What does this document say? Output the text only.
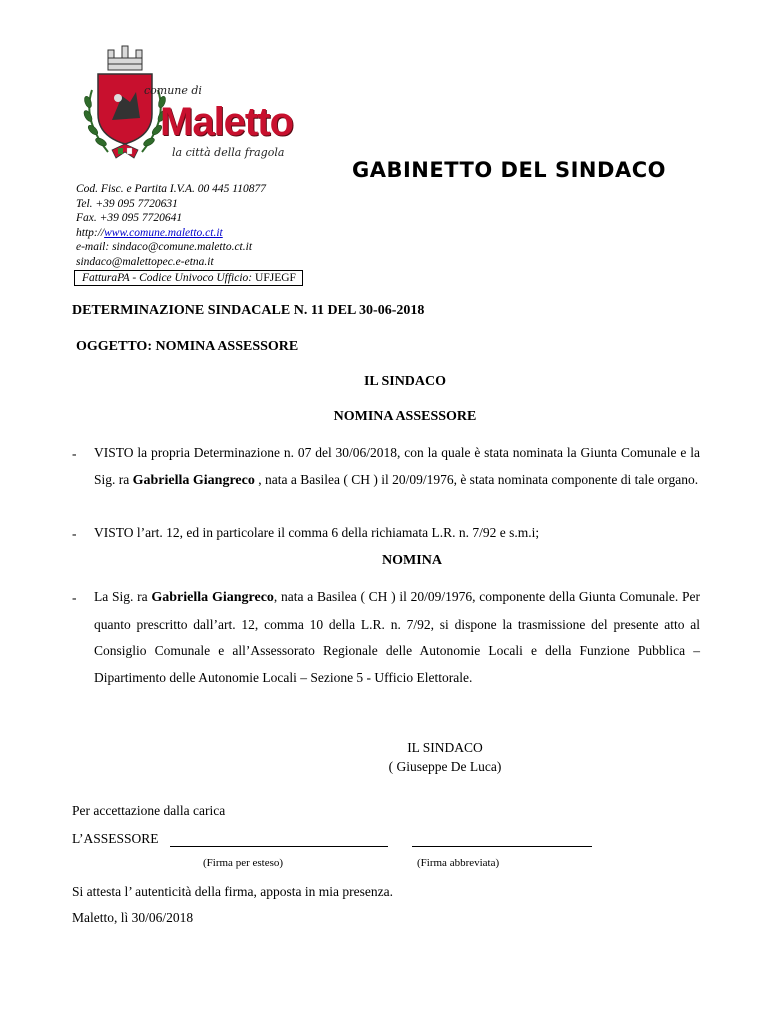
comune di
Maletto
la città della fragola
GABINETTO DEL SINDACO
Cod. Fisc. e Partita I.V.A. 00 445 110877
Tel. +39 095 7720631
Fax. +39 095 7720641
http://www.comune.maletto.ct.it
e-mail: sindaco@comune.maletto.ct.it
sindaco@malettopec.e-etna.it
FatturaPA - Codice Univoco Ufficio: UFJEGF
DETERMINAZIONE SINDACALE N. 11 DEL 30-06-2018
OGGETTO: NOMINA ASSESSORE
IL SINDACO
NOMINA ASSESSORE
- VISTO la propria Determinazione n. 07 del 30/06/2018, con la quale è stata nominata la Giunta Comunale e la Sig. ra Gabriella Giangreco , nata a Basilea ( CH ) il 20/09/1976, è stata nominata componente di tale organo.
- VISTO l’art. 12, ed in particolare il comma 6 della richiamata L.R. n. 7/92 e s.m.i;
NOMINA
- La Sig. ra Gabriella Giangreco, nata a Basilea ( CH ) il 20/09/1976, componente della Giunta Comunale. Per quanto prescritto dall’art. 12, comma 10 della L.R. n. 7/92, si dispone la trasmissione del presente atto al Consiglio Comunale e all’Assessorato Regionale delle Autonomie Locali e della Funzione Pubblica – Dipartimento delle Autonomie Locali – Sezione 5 - Ufficio Elettorale.
IL SINDACO
( Giuseppe De Luca)
Per accettazione dalla carica
L’ASSESSORE
(Firma per esteso)	(Firma abbreviata)
Si attesta l’ autenticità della firma, apposta in mia presenza.
Maletto, lì 30/06/2018
